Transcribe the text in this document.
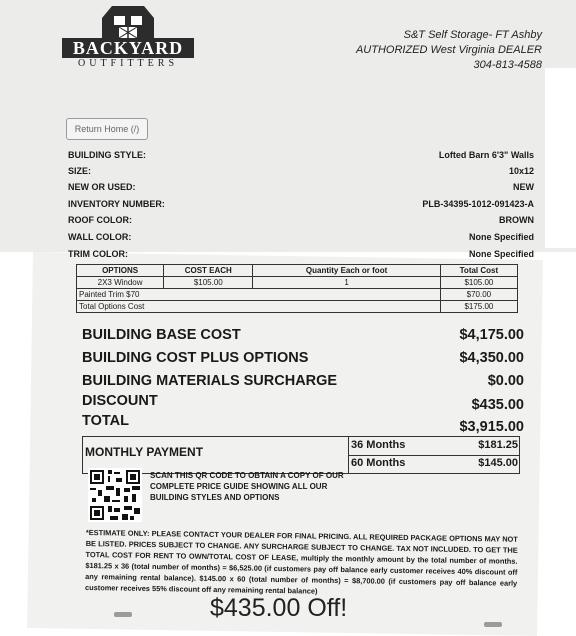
BACKYARD
OUTFITTERS
S&T Self Storage- FT Ashby
AUTHORIZED West Virginia DEALER
304-813-4588
Return Home (/)
BUILDING STYLE:	Lofted Barn 6'3" Walls
SIZE:	10x12
NEW OR USED:	NEW
INVENTORY NUMBER:	PLB-34395-1012-091423-A
ROOF COLOR:	BROWN
WALL COLOR:	None Specified
TRIM COLOR:	None Specified
OPTIONS	COST EACH	Quantity Each or foot	Total Cost
2X3 Window	$105.00	1	$105.00
Painted Trim $70			$70.00
Total Options Cost			$175.00
BUILDING BASE COST	$4,175.00
BUILDING COST PLUS OPTIONS	$4,350.00
BUILDING MATERIALS SURCHARGE	$0.00
DISCOUNT	$435.00
TOTAL	$3,915.00
MONTHLY PAYMENT	36 Months	$181.25
60 Months	$145.00
SCAN THIS QR CODE TO OBTAIN A COPY OF OUR COMPLETE PRICE GUIDE SHOWING ALL OUR BUILDING STYLES AND OPTIONS
*ESTIMATE ONLY: PLEASE CONTACT YOUR DEALER FOR FINAL PRICING. ALL REQUIRED PACKAGE OPTIONS MAY NOT BE LISTED. PRICES SUBJECT TO CHANGE. ANY SURCHARGE SUBJECT TO CHANGE. TAX NOT INCLUDED. TO GET THE TOTAL COST FOR RENT TO OWN/TOTAL COST OF LEASE, multiply the monthly amount by the total number of months. $181.25 x 36 (total number of months) = $6,525.00 (if customers pay off balance early customer receives 40% discount off any remaining rental balance). $145.00 x 60 (total number of months) = $8,700.00 (if customers pay off balance early customer receives 55% discount off any remaining rental balance)
$435.00 Off!
